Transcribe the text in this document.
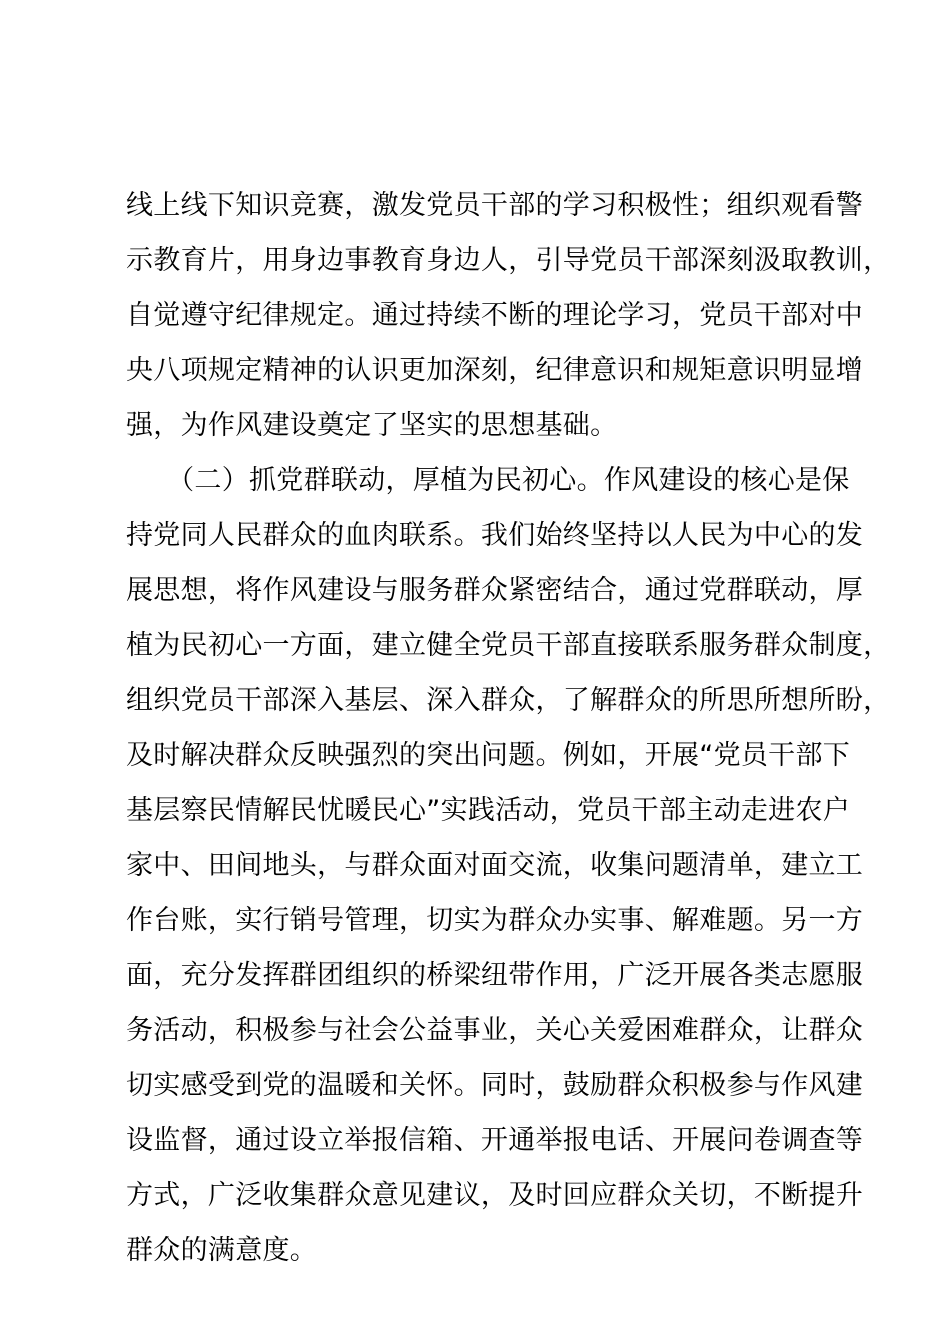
线上线下知识竞赛，激发党员干部的学习积极性；组织观看警
示教育片，用身边事教育身边人，引导党员干部深刻汲取教训，
自觉遵守纪律规定。通过持续不断的理论学习，党员干部对中
央八项规定精神的认识更加深刻，纪律意识和规矩意识明显增
强，为作风建设奠定了坚实的思想基础。
　　（二）抓党群联动，厚植为民初心。作风建设的核心是保
持党同人民群众的血肉联系。我们始终坚持以人民为中心的发
展思想，将作风建设与服务群众紧密结合，通过党群联动，厚
植为民初心一方面，建立健全党员干部直接联系服务群众制度，
组织党员干部深入基层、深入群众，了解群众的所思所想所盼，
及时解决群众反映强烈的突出问题。例如，开展“党员干部下
基层察民情解民忧暖民心”实践活动，党员干部主动走进农户
家中、田间地头，与群众面对面交流，收集问题清单，建立工
作台账，实行销号管理，切实为群众办实事、解难题。另一方
面，充分发挥群团组织的桥梁纽带作用，广泛开展各类志愿服
务活动，积极参与社会公益事业，关心关爱困难群众，让群众
切实感受到党的温暖和关怀。同时，鼓励群众积极参与作风建
设监督，通过设立举报信箱、开通举报电话、开展问卷调查等
方式，广泛收集群众意见建议，及时回应群众关切，不断提升
群众的满意度。
